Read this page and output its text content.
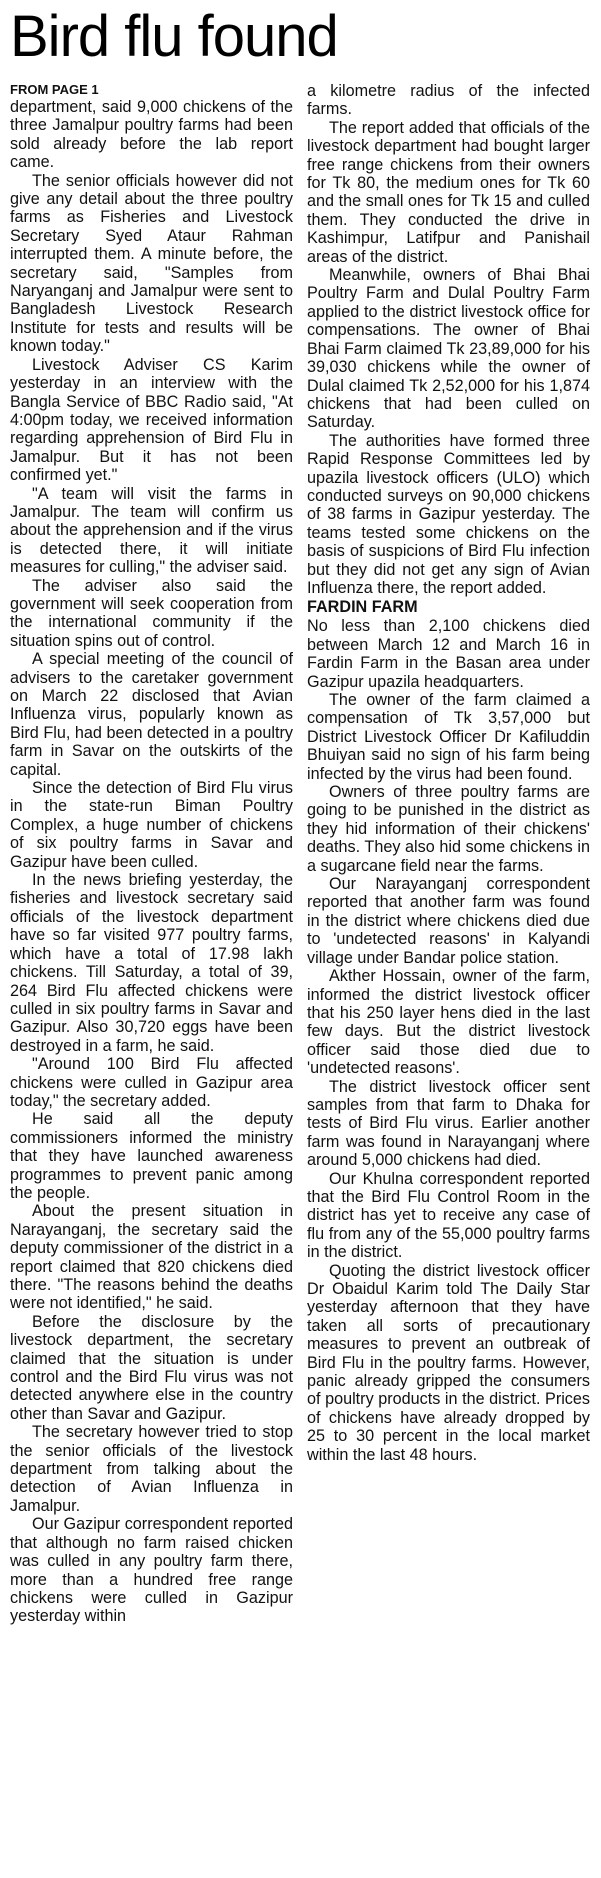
Bird flu found
FROM PAGE 1

department, said 9,000 chickens of the three Jamalpur poultry farms had been sold already before the lab report came.

The senior officials however did not give any detail about the three poultry farms as Fisheries and Livestock Secretary Syed Ataur Rahman interrupted them. A minute before, the secretary said, "Samples from Naryanganj and Jamalpur were sent to Bangladesh Livestock Research Institute for tests and results will be known today."

Livestock Adviser CS Karim yesterday in an interview with the Bangla Service of BBC Radio said, "At 4:00pm today, we received information regarding apprehension of Bird Flu in Jamalpur. But it has not been confirmed yet."

"A team will visit the farms in Jamalpur. The team will confirm us about the apprehension and if the virus is detected there, it will initiate measures for culling," the adviser said.

The adviser also said the government will seek cooperation from the international community if the situation spins out of control.

A special meeting of the council of advisers to the caretaker government on March 22 disclosed that Avian Influenza virus, popularly known as Bird Flu, had been detected in a poultry farm in Savar on the outskirts of the capital.

Since the detection of Bird Flu virus in the state-run Biman Poultry Complex, a huge number of chickens of six poultry farms in Savar and Gazipur have been culled.

In the news briefing yesterday, the fisheries and livestock secretary said officials of the livestock department have so far visited 977 poultry farms, which have a total of 17.98 lakh chickens. Till Saturday, a total of 39, 264 Bird Flu affected chickens were culled in six poultry farms in Savar and Gazipur. Also 30,720 eggs have been destroyed in a farm, he said.

"Around 100 Bird Flu affected chickens were culled in Gazipur area today," the secretary added.

He said all the deputy commissioners informed the ministry that they have launched awareness programmes to prevent panic among the people.

About the present situation in Narayanganj, the secretary said the deputy commissioner of the district in a report claimed that 820 chickens died there. "The reasons behind the deaths were not identified," he said.

Before the disclosure by the livestock department, the secretary claimed that the situation is under control and the Bird Flu virus was not detected anywhere else in the country other than Savar and Gazipur.

The secretary however tried to stop the senior officials of the livestock department from talking about the detection of Avian Influenza in Jamalpur.

Our Gazipur correspondent reported that although no farm raised chicken was culled in any poultry farm there, more than a hundred free range chickens were culled in Gazipur yesterday within

a kilometre radius of the infected farms.

The report added that officials of the livestock department had bought larger free range chickens from their owners for Tk 80, the medium ones for Tk 60 and the small ones for Tk 15 and culled them. They conducted the drive in Kashimpur, Latifpur and Panishail areas of the district.

Meanwhile, owners of Bhai Bhai Poultry Farm and Dulal Poultry Farm applied to the district livestock office for compensations. The owner of Bhai Bhai Farm claimed Tk 23,89,000 for his 39,030 chickens while the owner of Dulal claimed Tk 2,52,000 for his 1,874 chickens that had been culled on Saturday.

The authorities have formed three Rapid Response Committees led by upazila livestock officers (ULO) which conducted surveys on 90,000 chickens of 38 farms in Gazipur yesterday. The teams tested some chickens on the basis of suspicions of Bird Flu infection but they did not get any sign of Avian Influenza there, the report added.

FARDIN FARM

No less than 2,100 chickens died between March 12 and March 16 in Fardin Farm in the Basan area under Gazipur upazila headquarters.

The owner of the farm claimed a compensation of Tk 3,57,000 but District Livestock Officer Dr Kafiluddin Bhuiyan said no sign of his farm being infected by the virus had been found.

Owners of three poultry farms are going to be punished in the district as they hid information of their chickens' deaths. They also hid some chickens in a sugarcane field near the farms.

Our Narayanganj correspondent reported that another farm was found in the district where chickens died due to 'undetected reasons' in Kalyandi village under Bandar police station.

Akther Hossain, owner of the farm, informed the district livestock officer that his 250 layer hens died in the last few days. But the district livestock officer said those died due to 'undetected reasons'.

The district livestock officer sent samples from that farm to Dhaka for tests of Bird Flu virus. Earlier another farm was found in Narayanganj where around 5,000 chickens had died.

Our Khulna correspondent reported that the Bird Flu Control Room in the district has yet to receive any case of flu from any of the 55,000 poultry farms in the district.

Quoting the district livestock officer Dr Obaidul Karim told The Daily Star yesterday afternoon that they have taken all sorts of precautionary measures to prevent an outbreak of Bird Flu in the poultry farms. However, panic already gripped the consumers of poultry products in the district. Prices of chickens have already dropped by 25 to 30 percent in the local market within the last 48 hours.
